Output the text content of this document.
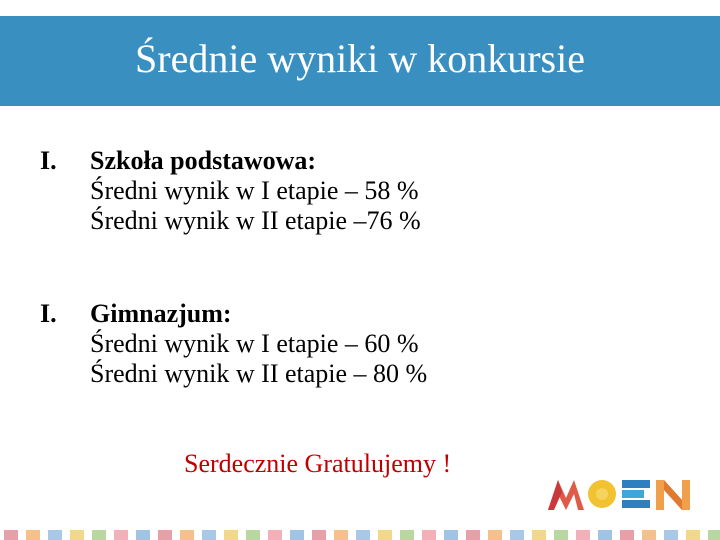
Średnie wyniki w konkursie
I.	Szkoła podstawowa:
Średni wynik w I etapie – 58 %
Średni wynik w II etapie –76 %
I.	Gimnazjum:
Średni wynik w I etapie – 60 %
Średni wynik w II etapie – 80 %
Serdecznie Gratulujemy !
